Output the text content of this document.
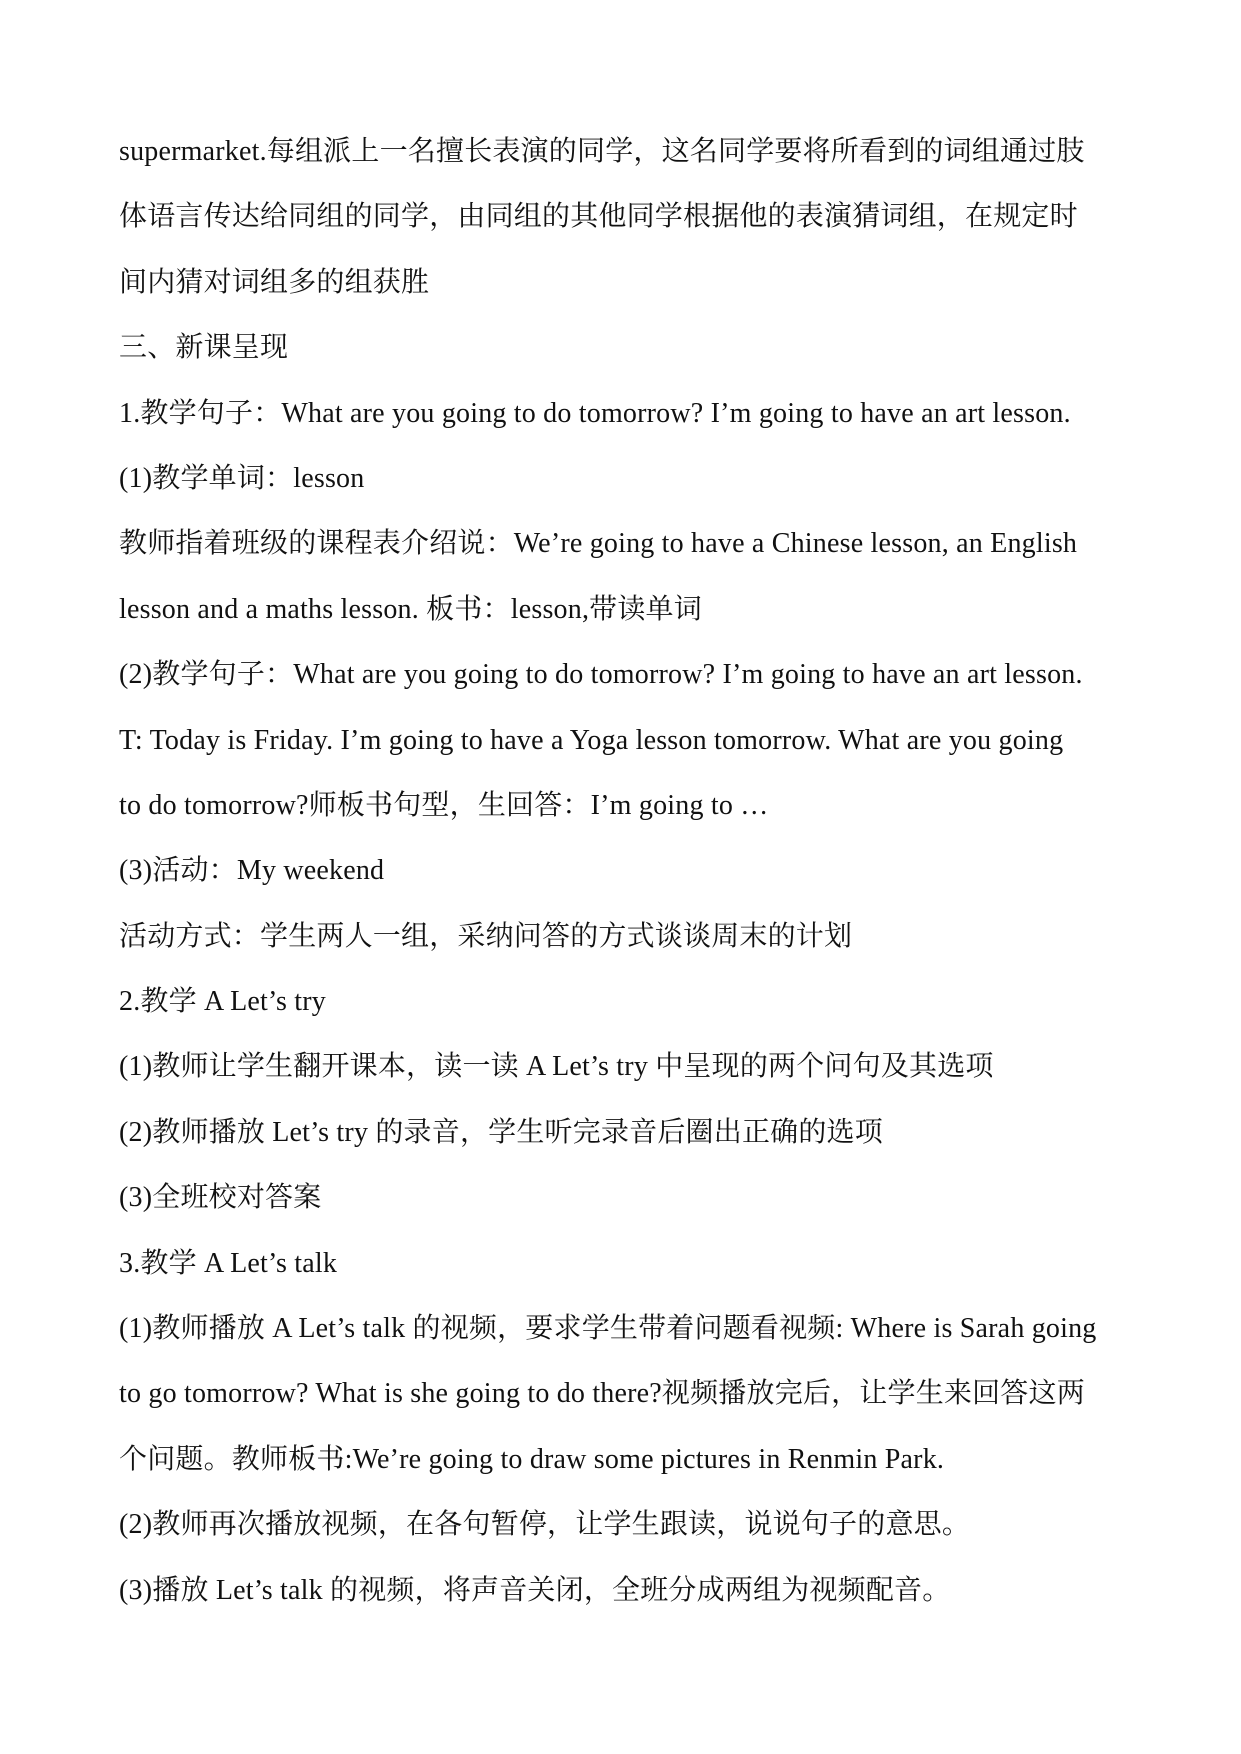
supermarket.每组派上一名擅长表演的同学，这名同学要将所看到的词组通过肢
体语言传达给同组的同学，由同组的其他同学根据他的表演猜词组，在规定时
间内猜对词组多的组获胜
三、新课呈现
1.教学句子：What are you going to do tomorrow? I’m going to have an art lesson.
(1)教学单词：lesson
教师指着班级的课程表介绍说：We’re going to have a Chinese lesson, an English
lesson and a maths lesson. 板书：lesson,带读单词
(2)教学句子：What are you going to do tomorrow? I’m going to have an art lesson.
T: Today is Friday. I’m going to have a Yoga lesson tomorrow. What are you going
to do tomorrow?师板书句型，生回答：I’m going to …
(3)活动：My weekend
活动方式：学生两人一组，采纳问答的方式谈谈周末的计划
2.教学 A Let’s try
(1)教师让学生翻开课本，读一读 A Let’s try 中呈现的两个问句及其选项
(2)教师播放 Let’s try 的录音，学生听完录音后圈出正确的选项
(3)全班校对答案
3.教学 A Let’s talk
(1)教师播放 A Let’s talk 的视频，要求学生带着问题看视频: Where is Sarah going
to go tomorrow? What is she going to do there?视频播放完后，让学生来回答这两
个问题。教师板书:We’re going to draw some pictures in Renmin Park.
(2)教师再次播放视频，在各句暂停，让学生跟读，说说句子的意思。
(3)播放 Let’s talk 的视频，将声音关闭，全班分成两组为视频配音。
